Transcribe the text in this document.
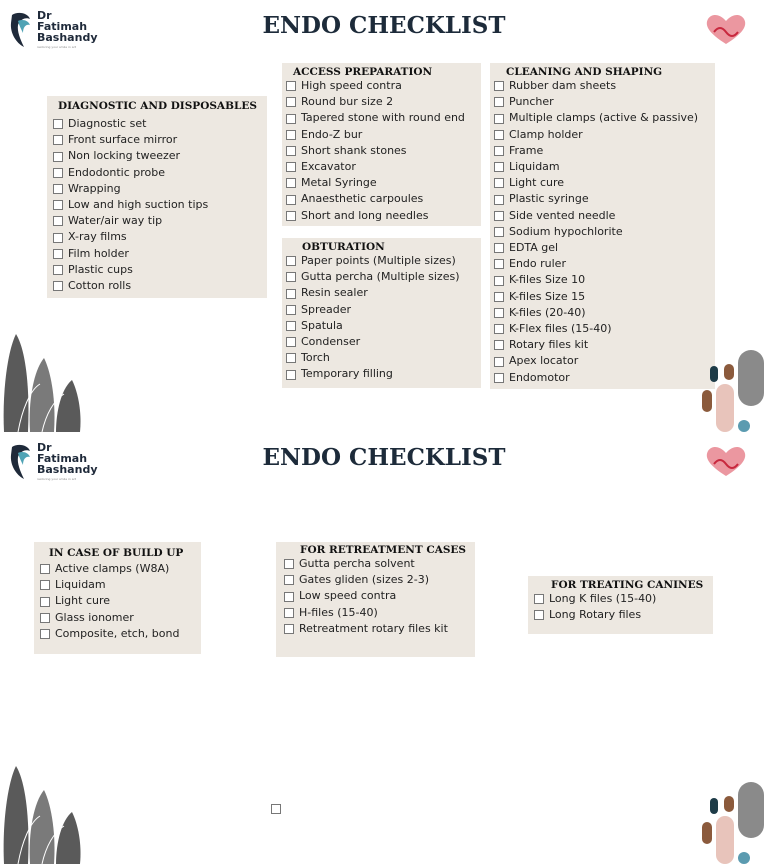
Dr
Fatimah
Bashandy
restoring your smile in art
ENDO CHECKLIST
DIAGNOSTIC AND DISPOSABLES
Diagnostic set
Front surface mirror
Non locking tweezer
Endodontic probe
Wrapping
Low and high suction tips
Water/air way tip
X-ray films
Film holder
Plastic cups
Cotton rolls
ACCESS PREPARATION
High speed contra
Round bur size 2
Tapered stone with round end
Endo-Z bur
Short shank stones
Excavator
Metal Syringe
Anaesthetic carpoules
Short and long needles
OBTURATION
Paper points (Multiple sizes)
Gutta percha (Multiple sizes)
Resin sealer
Spreader
Spatula
Condenser
Torch
Temporary filling
CLEANING AND SHAPING
Rubber dam sheets
Puncher
Multiple clamps (active & passive)
Clamp holder
Frame
Liquidam
Light cure
Plastic syringe
Side vented needle
Sodium hypochlorite
EDTA gel
Endo ruler
K-files Size 10
K-files Size 15
K-files (20-40)
K-Flex files (15-40)
Rotary files kit
Apex locator
Endomotor
Dr
Fatimah
Bashandy
restoring your smile in art
ENDO CHECKLIST
IN CASE OF BUILD UP
Active clamps (W8A)
Liquidam
Light cure
Glass ionomer
Composite, etch, bond
FOR RETREATMENT CASES
Gutta percha solvent
Gates gliden (sizes 2-3)
Low speed contra
H-files (15-40)
Retreatment rotary files kit
FOR TREATING CANINES
Long K files (15-40)
Long Rotary files
